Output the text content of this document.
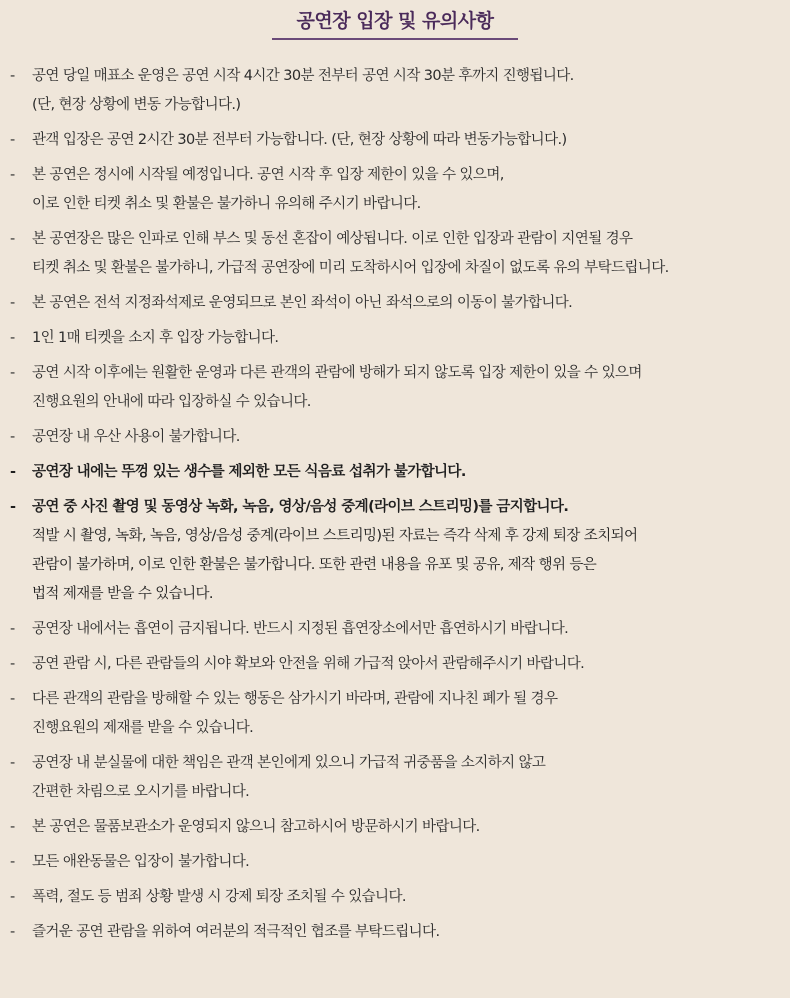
공연장 입장 및 유의사항
-	공연 당일 매표소 운영은 공연 시작 4시간 30분 전부터 공연 시작 30분 후까지 진행됩니다.
(단, 현장 상황에 변동 가능합니다.)
-	관객 입장은 공연 2시간 30분 전부터 가능합니다. (단, 현장 상황에 따라 변동가능합니다.)
-	본 공연은 정시에 시작될 예정입니다. 공연 시작 후 입장 제한이 있을 수 있으며,
이로 인한 티켓 취소 및 환불은 불가하니 유의해 주시기 바랍니다.
-	본 공연장은 많은 인파로 인해 부스 및 동선 혼잡이 예상됩니다. 이로 인한 입장과 관람이 지연될 경우
티켓 취소 및 환불은 불가하니, 가급적 공연장에 미리 도착하시어 입장에 차질이 없도록 유의 부탁드립니다.
-	본 공연은 전석 지정좌석제로 운영되므로 본인 좌석이 아닌 좌석으로의 이동이 불가합니다.
-	1인 1매 티켓을 소지 후 입장 가능합니다.
-	공연 시작 이후에는 원활한 운영과 다른 관객의 관람에 방해가 되지 않도록 입장 제한이 있을 수 있으며
진행요원의 안내에 따라 입장하실 수 있습니다.
-	공연장 내 우산 사용이 불가합니다.
-	공연장 내에는 뚜껑 있는 생수를 제외한 모든 식음료 섭취가 불가합니다.
-	공연 중 사진 촬영 및 동영상 녹화, 녹음, 영상/음성 중계(라이브 스트리밍)를 금지합니다.
적발 시 촬영, 녹화, 녹음, 영상/음성 중계(라이브 스트리밍)된 자료는 즉각 삭제 후 강제 퇴장 조치되어
관람이 불가하며, 이로 인한 환불은 불가합니다. 또한 관련 내용을 유포 및 공유, 제작 행위 등은
법적 제재를 받을 수 있습니다.
-	공연장 내에서는 흡연이 금지됩니다. 반드시 지정된 흡연장소에서만 흡연하시기 바랍니다.
-	공연 관람 시, 다른 관람들의 시야 확보와 안전을 위해 가급적 앉아서 관람해주시기 바랍니다.
-	다른 관객의 관람을 방해할 수 있는 행동은 삼가시기 바라며, 관람에 지나친 폐가 될 경우
진행요원의 제재를 받을 수 있습니다.
-	공연장 내 분실물에 대한 책임은 관객 본인에게 있으니 가급적 귀중품을 소지하지 않고
간편한 차림으로 오시기를 바랍니다.
-	본 공연은 물품보관소가 운영되지 않으니 참고하시어 방문하시기 바랍니다.
-	모든 애완동물은 입장이 불가합니다.
-	폭력, 절도 등 범죄 상황 발생 시 강제 퇴장 조치될 수 있습니다.
-	즐거운 공연 관람을 위하여 여러분의 적극적인 협조를 부탁드립니다.
